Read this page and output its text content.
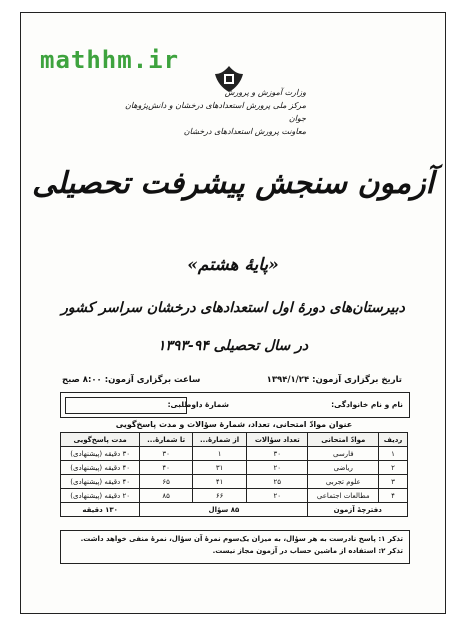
mathhm.ir
وزارت آموزش و پرورش
مرکز ملی پرورش استعدادهای درخشان و دانش‌پژوهان جوان
معاونت پرورش استعدادهای درخشان
آزمون سنجش پیشرفت تحصیلی
«پایهٔ هشتم»
دبیرستان‌های دورهٔ اول استعدادهای درخشان سراسر کشور
در سال تحصیلی ۹۴-۱۳۹۳
تاریخ برگزاری آزمون: ۱۳۹۴/۱/۲۴
ساعت برگزاری آزمون: ۸:۰۰ صبح
نام و نام خانوادگی:
شمارهٔ داوطلبی:
عنوان موادّ امتحانی، تعداد، شمارهٔ سؤالات و مدت پاسخ‌گویی
ردیف	موادّ امتحانی	تعداد سؤالات	از شمارهٔ...	تا شمارهٔ...	مدت پاسخ‌گویی
۱	فارسی	۳۰	۱	۳۰	۳۰ دقیقه (پیشنهادی)
۲	ریاضی	۲۰	۳۱	۴۰	۴۰ دقیقه (پیشنهادی)
۳	علوم تجربی	۲۵	۴۱	۶۵	۴۰ دقیقه (پیشنهادی)
۴	مطالعات اجتماعی	۲۰	۶۶	۸۵	۲۰ دقیقه (پیشنهادی)
دفترچهٔ آزمون		۸۵ سؤال			۱۳۰ دقیقه
تذکر ۱: پاسخ نادرست به هر سؤال، به میزان یک‌سوم نمرهٔ آن سؤال، نمرهٔ منفی خواهد داشت.
تذکر ۲: استفاده از ماشین حساب در آزمون مجاز نیست.
